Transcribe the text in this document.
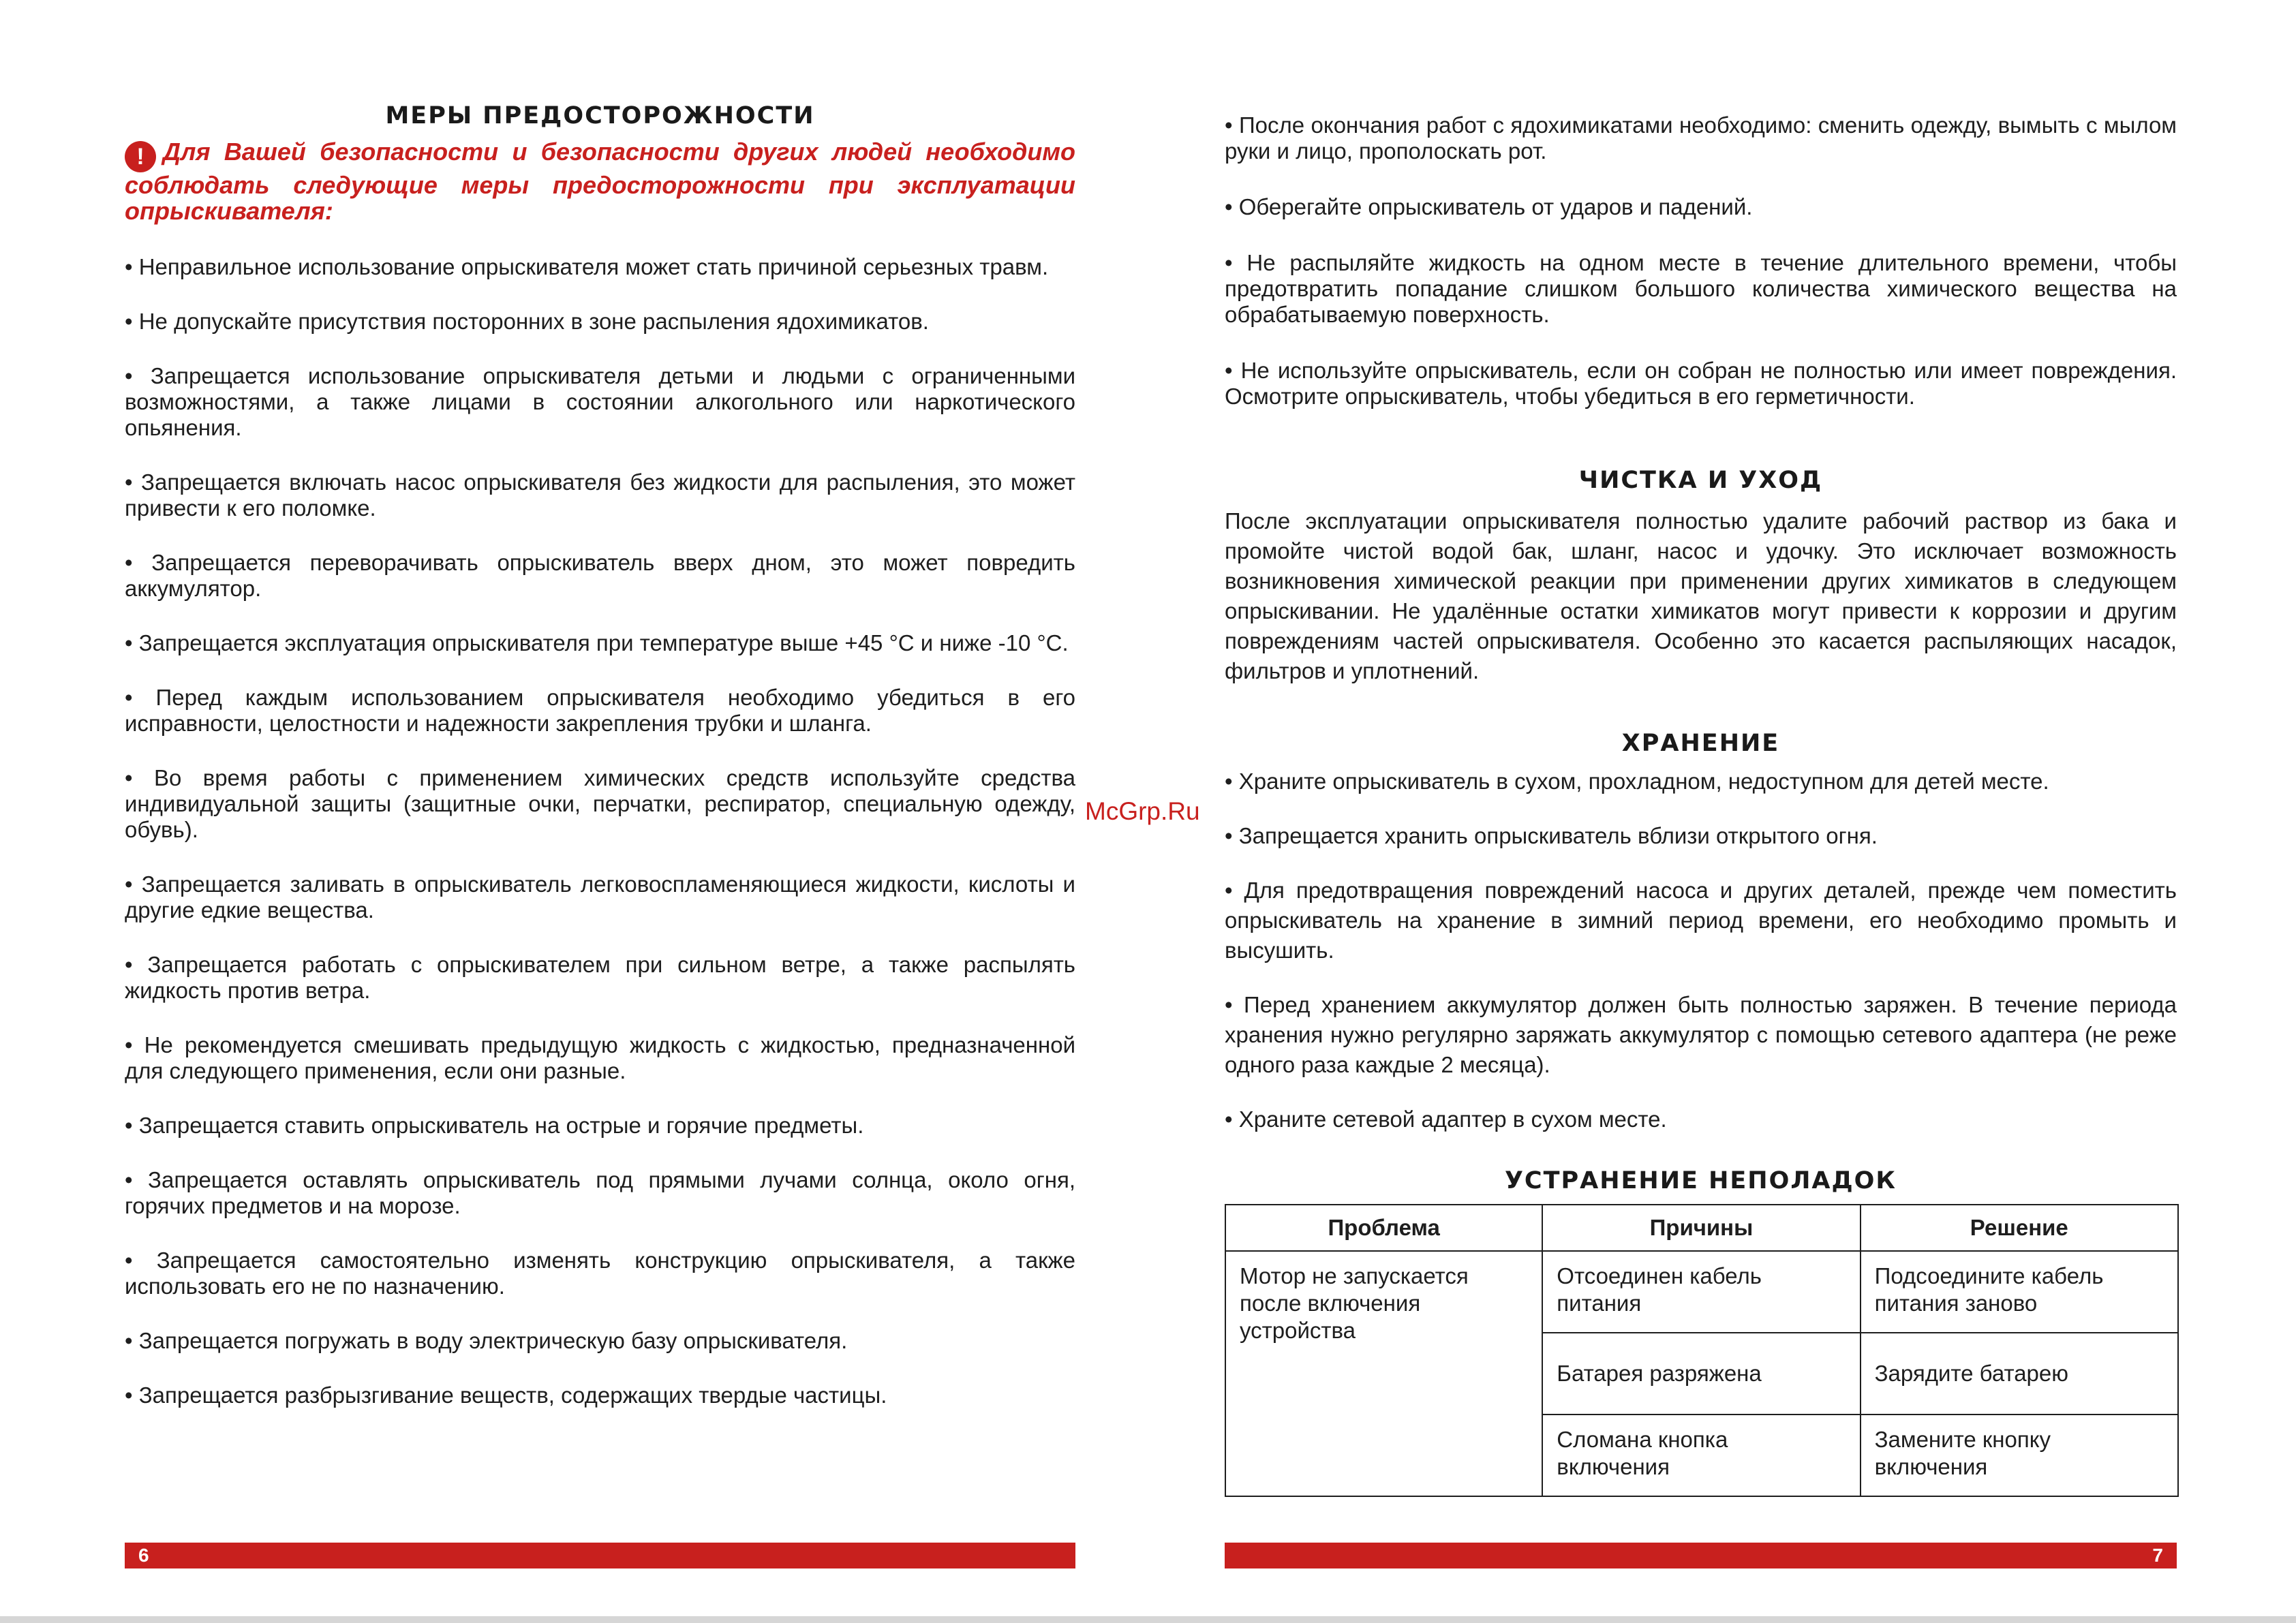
МЕРЫ ПРЕДОСТОРОЖНОСТИ
! Для Вашей безопасности и безопасности других людей необходимо соблюдать следующие меры предосторожности при эксплуатации опрыскивателя:

• Неправильное использование опрыскивателя может стать причиной серьезных травм.

• Не допускайте присутствия посторонних в зоне распыления ядохимикатов.

• Запрещается использование опрыскивателя детьми и людьми с ограниченными возможностями, а также лицами в состоянии алкогольного или наркотического опьянения.

• Запрещается включать насос опрыскивателя без жидкости для распыления, это может привести к его поломке.

• Запрещается переворачивать опрыскиватель вверх дном, это может повредить аккумулятор.

• Запрещается эксплуатация опрыскивателя при температуре выше +45 °С и ниже -10 °С.

• Перед каждым использованием опрыскивателя необходимо убедиться в его исправности, целостности и надежности закрепления трубки и шланга.

• Во время работы с применением химических средств используйте средства индивидуальной защиты (защитные очки, перчатки, респиратор, специальную одежду, обувь).

• Запрещается заливать в опрыскиватель легковоспламеняющиеся жидкости, кислоты и другие едкие вещества.

• Запрещается работать с опрыскивателем при сильном ветре, а также распылять жидкость против ветра.

• Не рекомендуется смешивать предыдущую жидкость с жидкостью, предназначенной для следующего применения, если они разные.

• Запрещается ставить опрыскиватель на острые и горячие предметы.

• Запрещается оставлять опрыскиватель под прямыми лучами солнца, около огня, горячих предметов и на морозе.

• Запрещается самостоятельно изменять конструкцию опрыскивателя, а также использовать его не по назначению.

• Запрещается погружать в воду электрическую базу опрыскивателя.

• Запрещается разбрызгивание веществ, содержащих твердые частицы.

• После окончания работ с ядохимикатами необходимо: сменить одежду, вымыть с мылом руки и лицо, прополоскать рот.

• Оберегайте опрыскиватель от ударов и падений.

• Не распыляйте жидкость на одном месте в течение длительного времени, чтобы предотвратить попадание слишком большого количества химического вещества на обрабатываемую поверхность.

• Не используйте опрыскиватель, если он собран не полностью или имеет повреждения. Осмотрите опрыскиватель, чтобы убедиться в его герметичности.

ЧИСТКА И УХОД

После эксплуатации опрыскивателя полностью удалите рабочий раствор из бака и промойте чистой водой бак, шланг, насос и удочку. Это исключает возможность возникновения химической реакции при применении других химикатов в следующем опрыскивании. Не удалённые остатки химикатов могут привести к коррозии и другим повреждениям частей опрыскивателя. Особенно это касается распыляющих насадок, фильтров и уплотнений.

ХРАНЕНИЕ

• Храните опрыскиватель в сухом, прохладном, недоступном для детей месте.

• Запрещается хранить опрыскиватель вблизи открытого огня.

• Для предотвращения повреждений насоса и других деталей, прежде чем поместить опрыскиватель на хранение в зимний период времени, его необходимо промыть и высушить.

• Перед хранением аккумулятор должен быть полностью заряжен. В течение периода хранения нужно регулярно заряжать аккумулятор с помощью сетевого адаптера (не реже одного раза каждые 2 месяца).

• Храните сетевой адаптер в сухом месте.

УСТРАНЕНИЕ НЕПОЛАДОК
Проблема	Причины	Решение
Мотор не запускается после включения устройства	Отсоединен кабель питания	Подсоедините кабель питания заново
	Батарея разряжена	Зарядите батарею
	Сломана кнопка включения	Замените кнопку включения
McGrp.Ru
6	7
